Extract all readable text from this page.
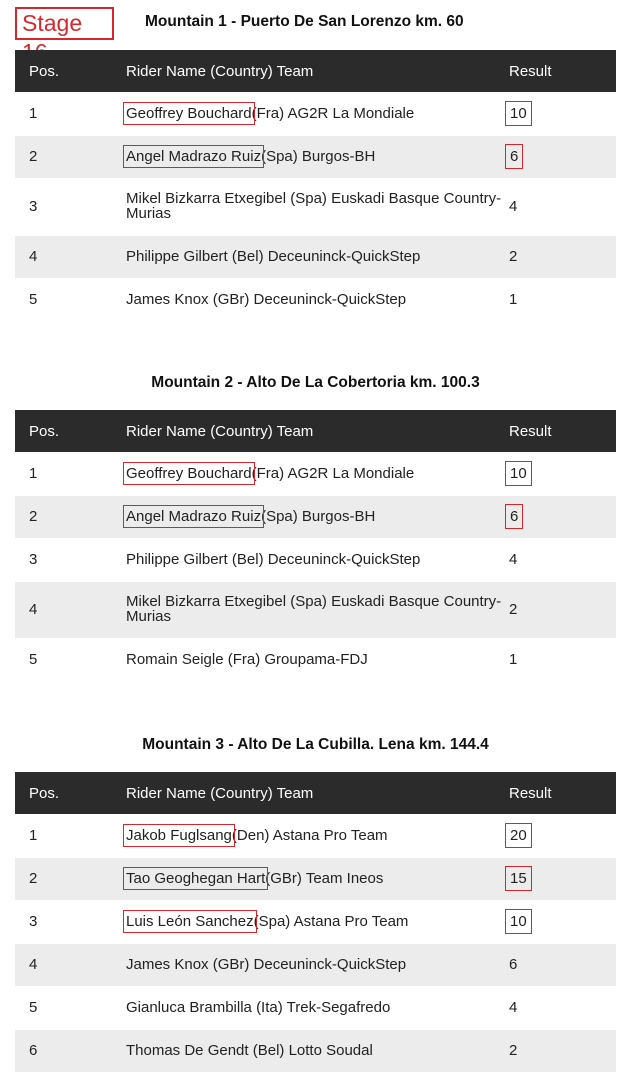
Stage	Mountain 1 - Puerto De San Lorenzo km. 60
Pos.	Rider Name (Country) Team	Result
1	Geoffrey Bouchard(Fra) AG2R La Mondiale	10
2	Angel Madrazo Ruiz(Spa) Burgos-BH	6
3	Mikel Bizkarra Etxegibel (Spa) Euskadi Basque Country-Murias	4
4	Philippe Gilbert (Bel) Deceuninck-QuickStep	2
5	James Knox (GBr) Deceuninck-QuickStep	1
Mountain 2 - Alto De La Cobertoria km. 100.3
Pos.	Rider Name (Country) Team	Result
1	Geoffrey Bouchard(Fra) AG2R La Mondiale	10
2	Angel Madrazo Ruiz(Spa) Burgos-BH	6
3	Philippe Gilbert (Bel) Deceuninck-QuickStep	4
4	Mikel Bizkarra Etxegibel (Spa) Euskadi Basque Country-Murias	2
5	Romain Seigle (Fra) Groupama-FDJ	1
Mountain 3 - Alto De La Cubilla. Lena km. 144.4
Pos.	Rider Name (Country) Team	Result
1	Jakob Fuglsang(Den) Astana Pro Team	20
2	Tao Geoghegan Hart(GBr) Team Ineos	15
3	Luis León Sanchez(Spa) Astana Pro Team	10
4	James Knox (GBr) Deceuninck-QuickStep	6
5	Gianluca Brambilla (Ita) Trek-Segafredo	4
6	Thomas De Gendt (Bel) Lotto Soudal	2
